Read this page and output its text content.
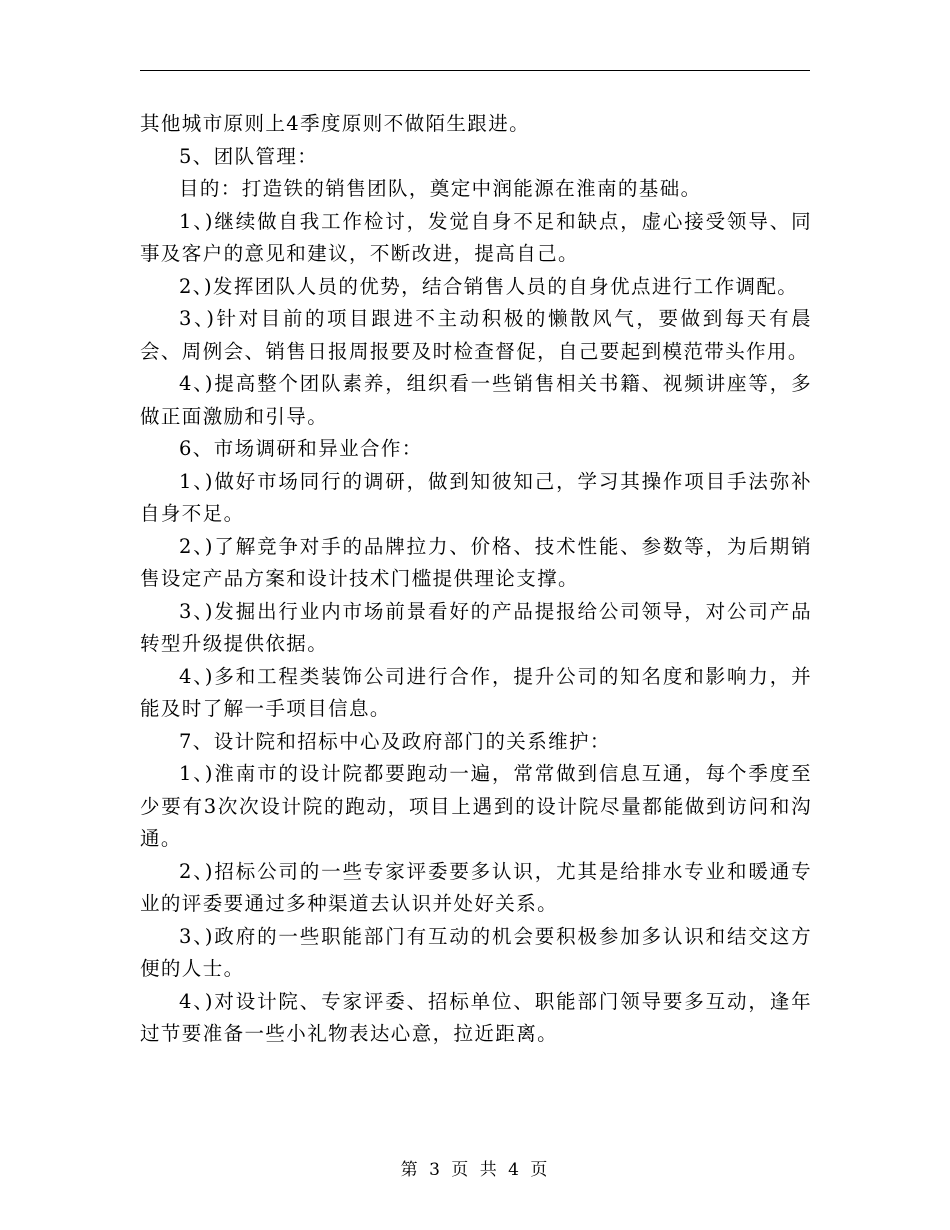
其他城市原则上4季度原则不做陌生跟进。

5、团队管理：

目的：打造铁的销售团队，奠定中润能源在淮南的基础。

1、)继续做自我工作检讨，发觉自身不足和缺点，虚心接受领导、同事及客户的意见和建议，不断改进，提高自己。

2、)发挥团队人员的优势，结合销售人员的自身优点进行工作调配。

3、)针对目前的项目跟进不主动积极的懒散风气，要做到每天有晨会、周例会、销售日报周报要及时检查督促，自己要起到模范带头作用。

4、)提高整个团队素养，组织看一些销售相关书籍、视频讲座等，多做正面激励和引导。

6、市场调研和异业合作：

1、)做好市场同行的调研，做到知彼知己，学习其操作项目手法弥补自身不足。

2、)了解竞争对手的品牌拉力、价格、技术性能、参数等，为后期销售设定产品方案和设计技术门槛提供理论支撑。

3、)发掘出行业内市场前景看好的产品提报给公司领导，对公司产品转型升级提供依据。

4、)多和工程类装饰公司进行合作，提升公司的知名度和影响力，并能及时了解一手项目信息。

7、设计院和招标中心及政府部门的关系维护：

1、)淮南市的设计院都要跑动一遍，常常做到信息互通，每个季度至少要有3次次设计院的跑动，项目上遇到的设计院尽量都能做到访问和沟通。

2、)招标公司的一些专家评委要多认识，尤其是给排水专业和暖通专业的评委要通过多种渠道去认识并处好关系。

3、)政府的一些职能部门有互动的机会要积极参加多认识和结交这方便的人士。

4、)对设计院、专家评委、招标单位、职能部门领导要多互动，逢年过节要准备一些小礼物表达心意，拉近距离。

第 3 页 共 4 页
